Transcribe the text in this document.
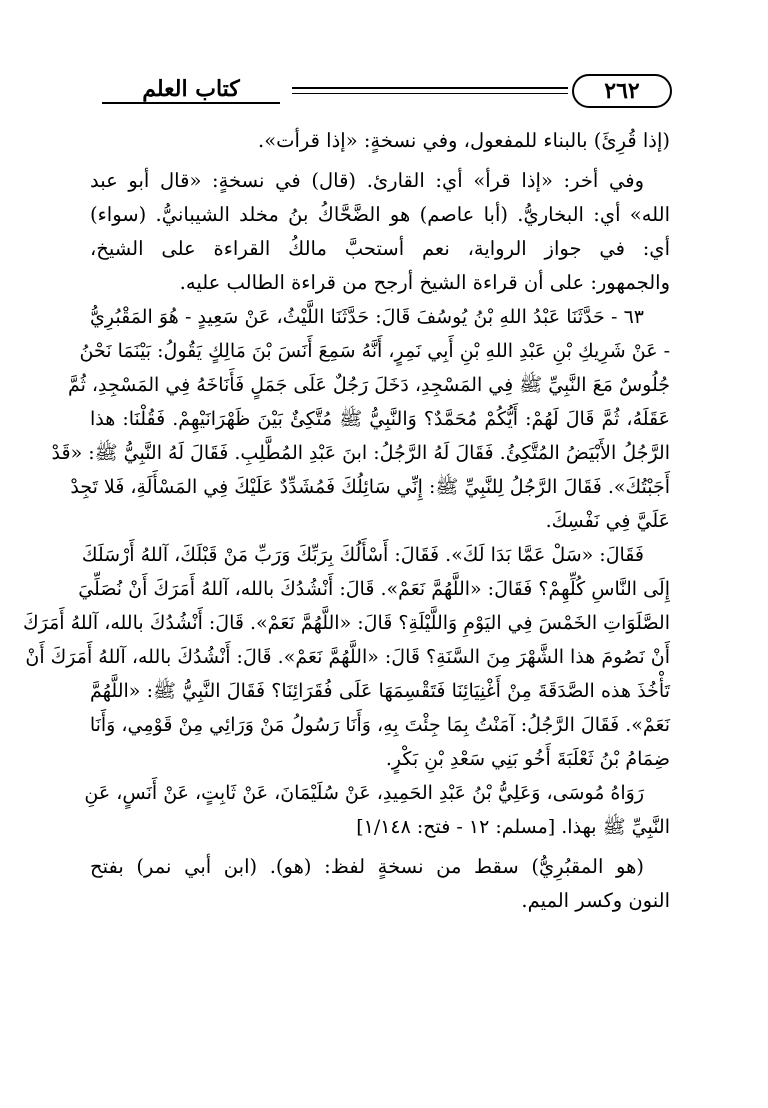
كتاب العلم	٢٦٢
(إذا قُرِئَ) بالبناء للمفعول، وفي نسخةٍ: «إذا قرأت».
وفي أخر: «إذا قرأ» أي: القارئ. (قال) في نسخةٍ: «قال أبو عبد
الله» أي: البخاريُّ. (أبا عاصم) هو الضَّحَّاكُ بنُ مخلد الشيبانيُّ. (سواء)
أي: في جواز الرواية، نعم أستحبَّ مالكُ القراءة على الشيخ،
والجمهور: على أن قراءة الشيخ أرجح من قراءة الطالب عليه.
٦٣ - حَدَّثَنَا عَبْدُ اللهِ بْنُ يُوسُفَ قَالَ: حَدَّثَنَا اللَّيْثُ، عَنْ سَعِيدٍ - هُوَ المَقْبُرِيُّ
- عَنْ شَرِيكِ بْنِ عَبْدِ اللهِ بْنِ أَبِي نَمِرٍ، أَنَّهُ سَمِعَ أَنَسَ بْنَ مَالِكٍ يَقُولُ: بَيْنَمَا نَحْنُ
جُلُوسٌ مَعَ النَّبِيِّ ﷺ فِي المَسْجِدِ، دَخَلَ رَجُلٌ عَلَى جَمَلٍ فَأَنَاخَهُ فِي المَسْجِدِ، ثُمَّ
عَقَلَهُ، ثُمَّ قَالَ لَهُمْ: أَيُّكُمْ مُحَمَّدٌ؟ وَالنَّبِيُّ ﷺ مُتَّكِئٌ بَيْنَ ظَهْرَانَيْهِمْ. فَقُلْنَا: هذا
الرَّجُلُ الأَبْيَضُ المُتَّكِئُ. فَقَالَ لَهُ الرَّجُلُ: ابنَ عَبْدِ المُطَّلِبِ. فَقَالَ لَهُ النَّبِيُّ ﷺ: «قَدْ
أَجَبْتُكَ». فَقَالَ الرَّجُلُ لِلنَّبِيِّ ﷺ: إِنِّي سَائِلُكَ فَمُشَدِّدٌ عَلَيْكَ فِي المَسْأَلَةِ، فَلا تَجِدْ
عَلَيَّ فِي نَفْسِكَ.
فَقَالَ: «سَلْ عَمَّا بَدَا لَكَ». فَقَالَ: أَسْأَلُكَ بِرَبِّكَ وَرَبِّ مَنْ قَبْلَكَ، آللهُ أَرْسَلَكَ
إِلَى النَّاسِ كُلِّهِمْ؟ فَقَالَ: «اللَّهُمَّ نَعَمْ». قَالَ: أَنْشُدُكَ بالله، آللهُ أَمَرَكَ أَنْ نُصَلِّيَ
الصَّلَوَاتِ الخَمْسَ فِي اليَوْمِ وَاللَّيْلَةِ؟ قَالَ: «اللَّهُمَّ نَعَمْ». قَالَ: أَنْشُدُكَ بالله، آللهُ أَمَرَكَ
أَنْ نَصُومَ هذا الشَّهْرَ مِنَ السَّنَةِ؟ قَالَ: «اللَّهُمَّ نَعَمْ». قَالَ: أَنْشُدُكَ بالله، آللهُ أَمَرَكَ أَنْ
تَأْخُذَ هذه الصَّدَقَةَ مِنْ أَغْنِيَائِنَا فَتَقْسِمَهَا عَلَى فُقَرَائِنَا؟ فَقَالَ النَّبِيُّ ﷺ: «اللَّهُمَّ
نَعَمْ». فَقَالَ الرَّجُلُ: آمَنْتُ بِمَا جِئْتَ بِهِ، وَأَنَا رَسُولُ مَنْ وَرَائِي مِنْ قَوْمِي، وَأَنَا
ضِمَامُ بْنُ ثَعْلَبَةَ أَخُو بَنِي سَعْدِ بْنِ بَكْرٍ.
رَوَاهُ مُوسَى، وَعَلِيُّ بْنُ عَبْدِ الحَمِيدِ، عَنْ سُلَيْمَانَ، عَنْ ثَابِتٍ، عَنْ أَنَسٍ، عَنِ
النَّبِيِّ ﷺ بهذا. [مسلم: ١٢ - فتح: ١/١٤٨]
(هو المقبُرِيُّ) سقط من نسخةٍ لفظ: (هو). (ابن أبي نمر) بفتح
النون وكسر الميم.
